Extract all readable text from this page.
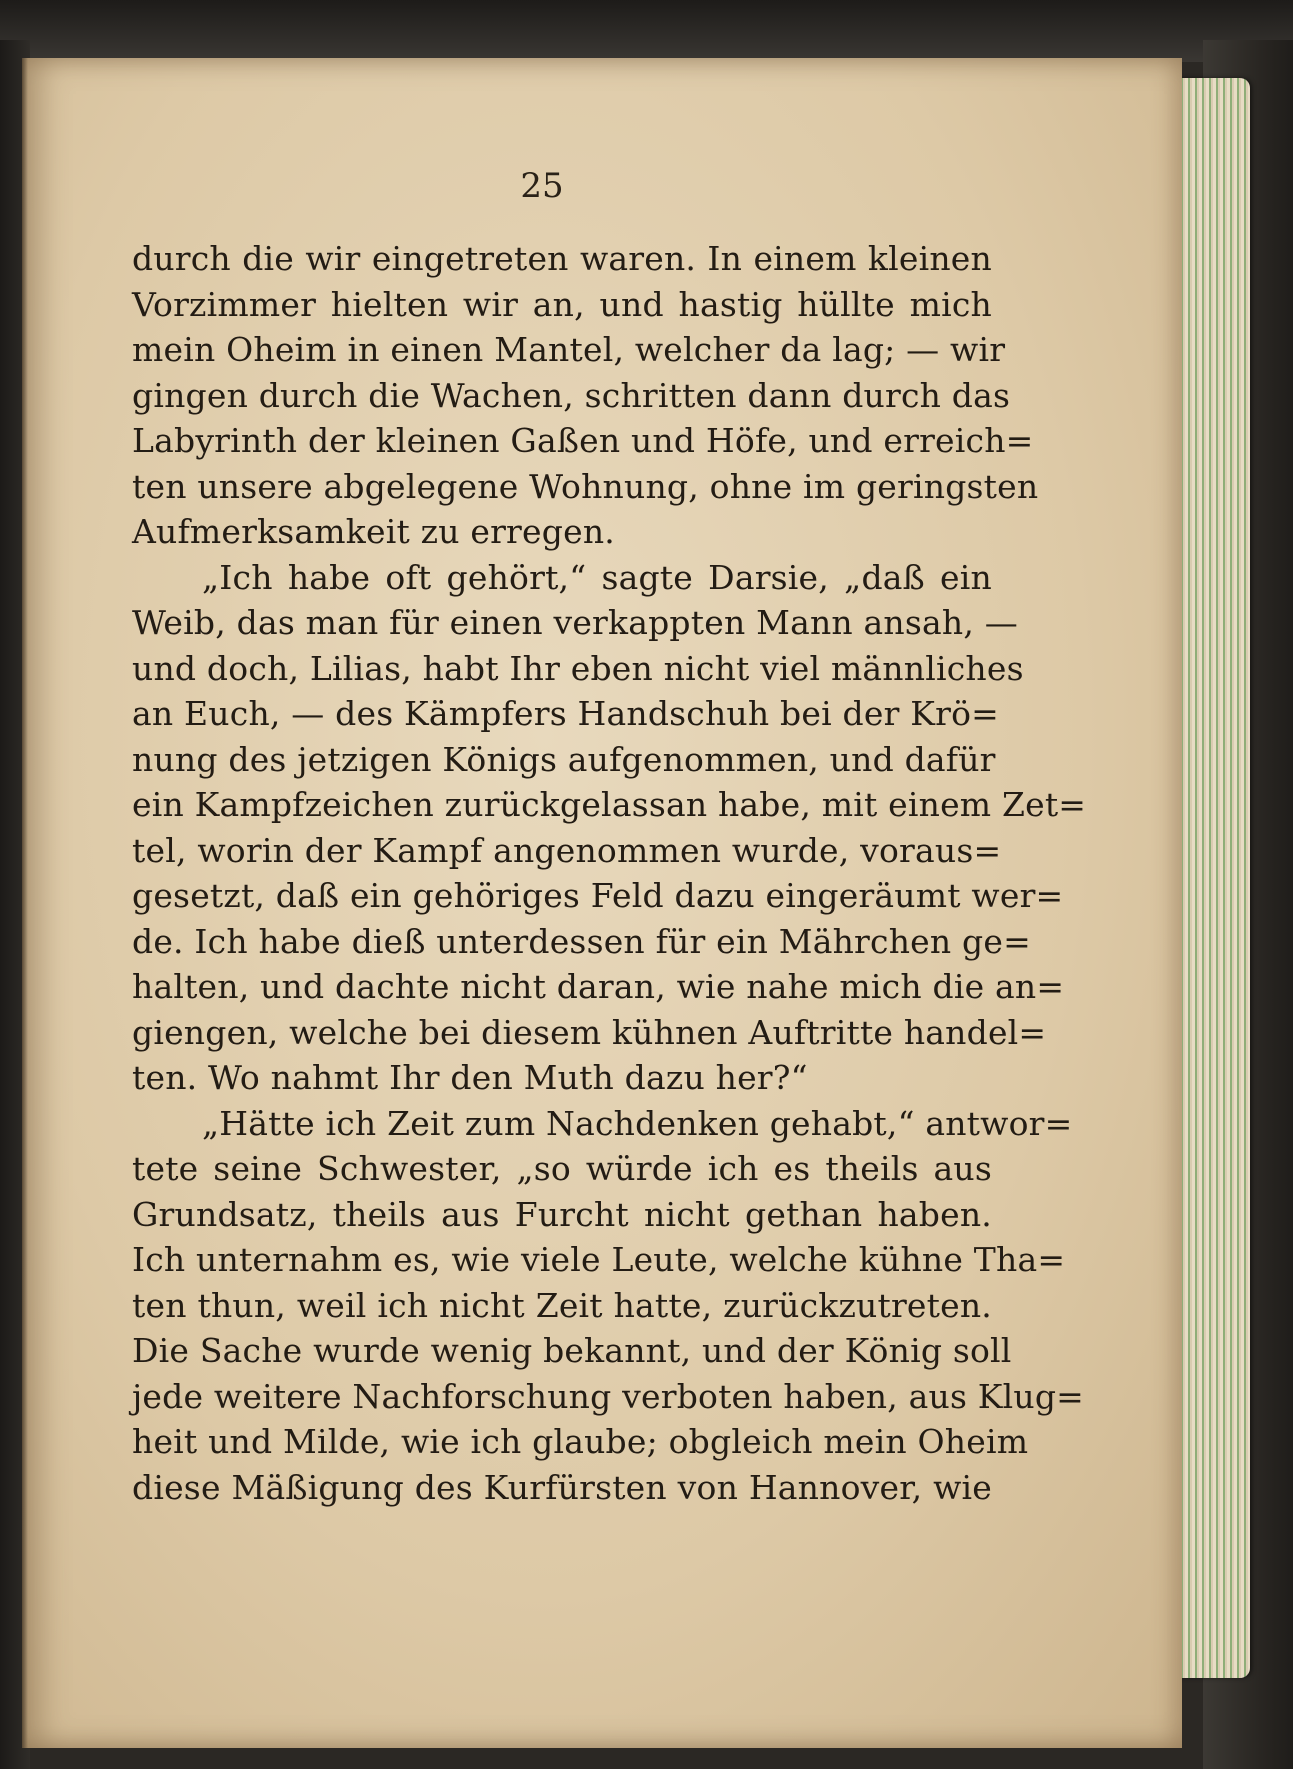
25
durch die wir eingetreten waren. In einem kleinen
Vorzimmer hielten wir an, und hastig hüllte mich
mein Oheim in einen Mantel, welcher da lag; — wir
gingen durch die Wachen, schritten dann durch das
Labyrinth der kleinen Gaßen und Höfe, und erreich=
ten unsere abgelegene Wohnung, ohne im geringsten
Aufmerksamkeit zu erregen.
„Ich habe oft gehört,“ sagte Darsie, „daß ein
Weib, das man für einen verkappten Mann ansah, —
und doch, Lilias, habt Ihr eben nicht viel männliches
an Euch, — des Kämpfers Handschuh bei der Krö=
nung des jetzigen Königs aufgenommen, und dafür
ein Kampfzeichen zurückgelassan habe, mit einem Zet=
tel, worin der Kampf angenommen wurde, voraus=
gesetzt, daß ein gehöriges Feld dazu eingeräumt wer=
de. Ich habe dieß unterdessen für ein Mährchen ge=
halten, und dachte nicht daran, wie nahe mich die an=
giengen, welche bei diesem kühnen Auftritte handel=
ten. Wo nahmt Ihr den Muth dazu her?“
„Hätte ich Zeit zum Nachdenken gehabt,“ antwor=
tete seine Schwester, „so würde ich es theils aus
Grundsatz, theils aus Furcht nicht gethan haben.
Ich unternahm es, wie viele Leute, welche kühne Tha=
ten thun, weil ich nicht Zeit hatte, zurückzutreten.
Die Sache wurde wenig bekannt, und der König soll
jede weitere Nachforschung verboten haben, aus Klug=
heit und Milde, wie ich glaube; obgleich mein Oheim
diese Mäßigung des Kurfürsten von Hannover, wie
